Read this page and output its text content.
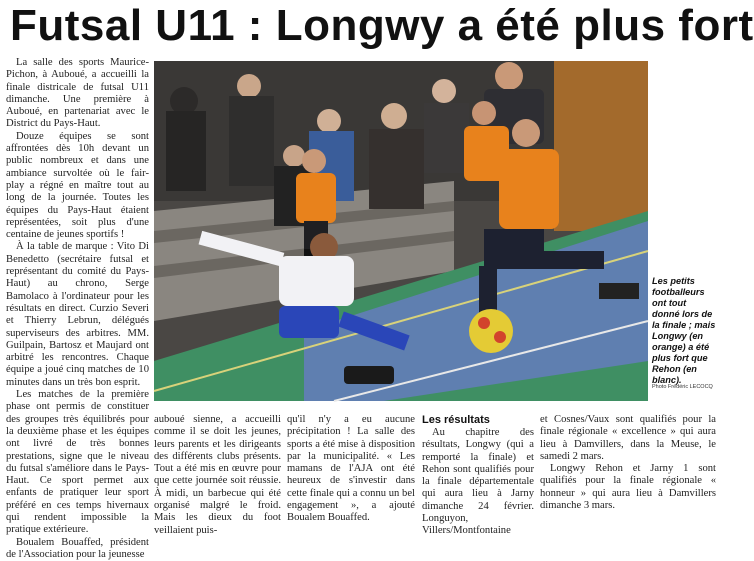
Futsal U11 : Longwy a été plus fort

La salle des sports Maurice-Pichon, à Auboué, a accueilli la finale districale de futsal U11 dimanche. Une première à Auboué, en partenariat avec le District du Pays-Haut.

Douze équipes se sont affrontées dès 10h devant un public nombreux et dans une ambiance survoltée où le fair-play a régné en maître tout au long de la journée. Toutes les équipes du Pays-Haut étaient représentées, soit plus d'une centaine de jeunes sportifs !

À la table de marque : Vito Di Benedetto (secrétaire futsal et représentant du comité du Pays-Haut) au chrono, Serge Bamolaco à l'ordinateur pour les résultats en direct. Curzio Severi et Thierry Lebrun, délégués superviseurs des arbitres. MM. Guilpain, Bartosz et Maujard ont arbitré les rencontres. Chaque équipe a joué cinq matches de 10 minutes dans un très bon esprit.

Les matches de la première phase ont permis de constituer des groupes très équilibrés pour la deuxième phase et les équipes ont livré de très bonnes prestations, signe que le niveau du futsal s'améliore dans le Pays-Haut. Ce sport permet aux enfants de pratiquer leur sport préféré en ces temps hivernaux qui rendent impossible la pratique extérieure.

Boualem Bouaffed, président de l'Association pour la jeunesse

Les petits footballeurs ont tout donné lors de la finale ; mais Longwy (en orange) a été plus fort que Rehon (en blanc).
Photo Frédéric LECOCQ

auboué sienne, a accueilli comme il se doit les jeunes, leurs parents et les dirigeants des différents clubs présents. Tout a été mis en œuvre pour que cette journée soit réussie. À midi, un barbecue qui été organisé malgré le froid. Mais les dieux du foot veillaient puis-

qu'il n'y a eu aucune précipitation ! La salle des sports a été mise à disposition par la municipalité. « Les mamans de l'AJA ont été heureux de s'investir dans cette finale qui a connu un bel engagement », a ajouté Boualem Bouaffed.

Les résultats

Au chapitre des résultats, Longwy (qui a remporté la finale) et Rehon sont qualifiés pour la finale départementale qui aura lieu à Jarny dimanche 24 février. Longuyon, Villers/Montfontaine

et Cosnes/Vaux sont qualifiés pour la finale régionale « excellence » qui aura lieu à Damvillers, dans la Meuse, le samedi 2 mars.

Longwy Rehon et Jarny 1 sont qualifiés pour la finale régionale « honneur » qui aura lieu à Damvillers dimanche 3 mars.
